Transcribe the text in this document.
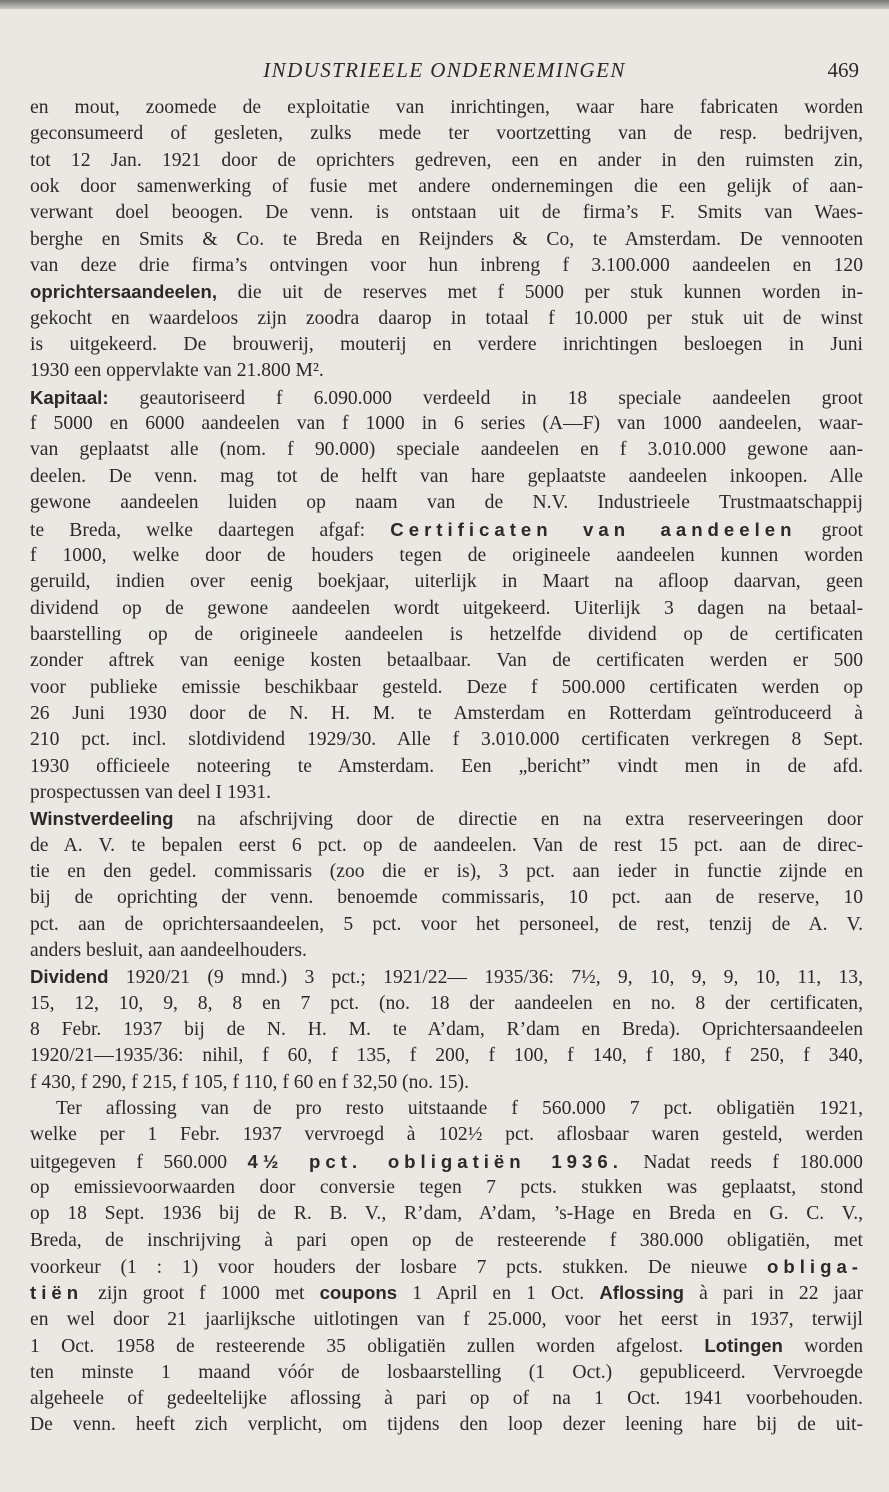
INDUSTRIEELE ONDERNEMINGEN	469
en mout, zoomede de exploitatie van inrichtingen, waar hare fabricaten worden
geconsumeerd of gesleten, zulks mede ter voortzetting van de resp. bedrijven,
tot 12 Jan. 1921 door de oprichters gedreven, een en ander in den ruimsten zin,
ook door samenwerking of fusie met andere ondernemingen die een gelijk of aan-
verwant doel beoogen. De venn. is ontstaan uit de firma’s F. Smits van Waes-
berghe en Smits & Co. te Breda en Reijnders & Co, te Amsterdam. De vennooten
van deze drie firma’s ontvingen voor hun inbreng f 3.100.000 aandeelen en 120
oprichtersaandeelen, die uit de reserves met f 5000 per stuk kunnen worden in-
gekocht en waardeloos zijn zoodra daarop in totaal f 10.000 per stuk uit de winst
is uitgekeerd. De brouwerij, mouterij en verdere inrichtingen besloegen in Juni
1930 een oppervlakte van 21.800 M².
Kapitaal: geautoriseerd f 6.090.000 verdeeld in 18 speciale aandeelen groot
f 5000 en 6000 aandeelen van f 1000 in 6 series (A—F) van 1000 aandeelen, waar-
van geplaatst alle (nom. f 90.000) speciale aandeelen en f 3.010.000 gewone aan-
deelen. De venn. mag tot de helft van hare geplaatste aandeelen inkoopen. Alle
gewone aandeelen luiden op naam van de N.V. Industrieele Trustmaatschappij
te Breda, welke daartegen afgaf: Certificaten van aandeelen groot
f 1000, welke door de houders tegen de origineele aandeelen kunnen worden
geruild, indien over eenig boekjaar, uiterlijk in Maart na afloop daarvan, geen
dividend op de gewone aandeelen wordt uitgekeerd. Uiterlijk 3 dagen na betaal-
baarstelling op de origineele aandeelen is hetzelfde dividend op de certificaten
zonder aftrek van eenige kosten betaalbaar. Van de certificaten werden er 500
voor publieke emissie beschikbaar gesteld. Deze f 500.000 certificaten werden op
26 Juni 1930 door de N. H. M. te Amsterdam en Rotterdam geïntroduceerd à
210 pct. incl. slotdividend 1929/30. Alle f 3.010.000 certificaten verkregen 8 Sept.
1930 officieele noteering te Amsterdam. Een „bericht” vindt men in de afd.
prospectussen van deel I 1931.
Winstverdeeling na afschrijving door de directie en na extra reserveeringen door
de A. V. te bepalen eerst 6 pct. op de aandeelen. Van de rest 15 pct. aan de direc-
tie en den gedel. commissaris (zoo die er is), 3 pct. aan ieder in functie zijnde en
bij de oprichting der venn. benoemde commissaris, 10 pct. aan de reserve, 10
pct. aan de oprichtersaandeelen, 5 pct. voor het personeel, de rest, tenzij de A. V.
anders besluit, aan aandeelhouders.
Dividend 1920/21 (9 mnd.) 3 pct.; 1921/22— 1935/36: 7½, 9, 10, 9, 9, 10, 11, 13,
15, 12, 10, 9, 8, 8 en 7 pct. (no. 18 der aandeelen en no. 8 der certificaten,
8 Febr. 1937 bij de N. H. M. te A’dam, R’dam en Breda). Oprichtersaandeelen
1920/21—1935/36: nihil, f 60, f 135, f 200, f 100, f 140, f 180, f 250, f 340,
f 430, f 290, f 215, f 105, f 110, f 60 en f 32,50 (no. 15).
Ter aflossing van de pro resto uitstaande f 560.000 7 pct. obligatiën 1921,
welke per 1 Febr. 1937 vervroegd à 102½ pct. aflosbaar waren gesteld, werden
uitgegeven f 560.000 4½ pct. obligatiën 1936. Nadat reeds f 180.000
op emissievoorwaarden door conversie tegen 7 pcts. stukken was geplaatst, stond
op 18 Sept. 1936 bij de R. B. V., R’dam, A’dam, ’s-Hage en Breda en G. C. V.,
Breda, de inschrijving à pari open op de resteerende f 380.000 obligatiën, met
voorkeur (1 : 1) voor houders der losbare 7 pcts. stukken. De nieuwe obliga-
tiën zijn groot f 1000 met coupons 1 April en 1 Oct. Aflossing à pari in 22 jaar
en wel door 21 jaarlijksche uitlotingen van f 25.000, voor het eerst in 1937, terwijl
1 Oct. 1958 de resteerende 35 obligatiën zullen worden afgelost. Lotingen worden
ten minste 1 maand vóór de losbaarstelling (1 Oct.) gepubliceerd. Vervroegde
algeheele of gedeeltelijke aflossing à pari op of na 1 Oct. 1941 voorbehouden.
De venn. heeft zich verplicht, om tijdens den loop dezer leening hare bij de uit-
